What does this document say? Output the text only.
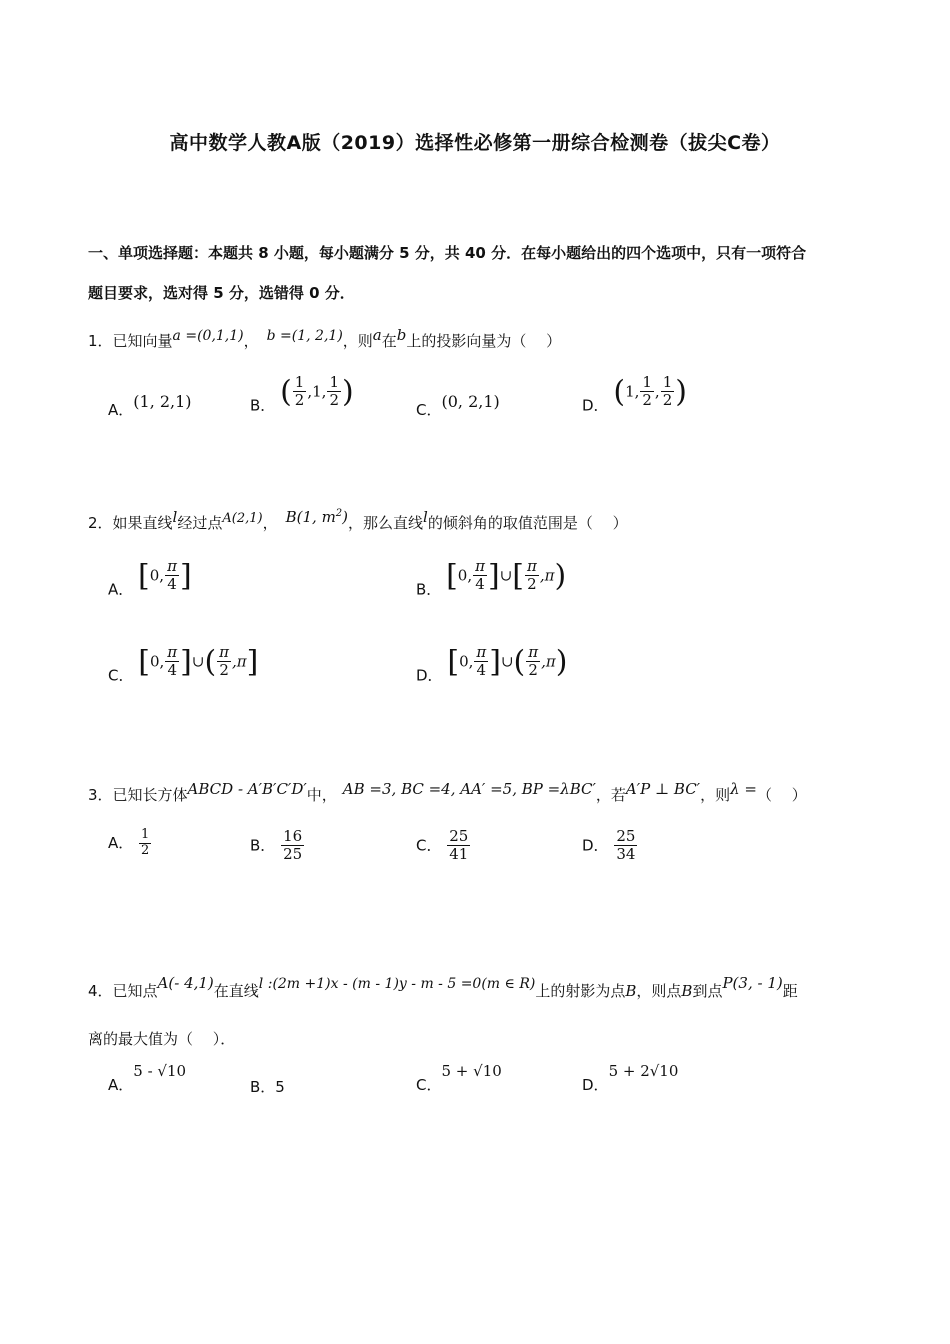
高中数学人教A版（2019）选择性必修第一册综合检测卷（拔尖C卷）
一、单项选择题：本题共 8 小题，每小题满分 5 分，共 40 分．在每小题给出的四个选项中，只有一项符合
题目要求，选对得 5 分，选错得 0 分．
1．已知向量a =(0,1,1)， b =(1, 2,1)，则a在b上的投影向量为（　 ）
A．(1, 2,1)	B． ( $\frac{1}{2} ,1$, $\frac{1}{2}$ )
C．(0, 2,1)	D． (1, $\frac{1}{2}$ , $\frac{1}{2}$ )
2．如果直线l经过点A(2,1)， B(1, $m^2$)，那么直线l的倾斜角的取值范围是（　 ）
A． [0, $\frac{\pi}{4}$ ]	B． [0, $\frac{\pi}{4}$ ]∪[ $\frac{\pi}{2} ,\pi$)
C． [0, $\frac{\pi}{4}$ ]∪( $\frac{\pi}{2} ,\pi$]	D． [0, $\frac{\pi}{4}$ ]∪( $\frac{\pi}{2} ,\pi$)
3．已知长方体ABCD - A′B′C′D′中， AB =3, BC =4, AA′ =5, BP =λBC′，若A′P ⊥ BC′，则λ =（　 ）
A． $\frac{1}{2}$	B． $\frac{16}{25}$	C． $\frac{25}{41}$	D． $\frac{25}{34}$
4．已知点A(- 4,1)在直线l :(2m +1)x - (m - 1)y - m - 5 =0(m ∈ R)上的射影为点B，则点B到点P(3, - 1)距
离的最大值为（　 ）．
A．5 - √10
B．5	C．5 + √10
D．5 + 2√10
